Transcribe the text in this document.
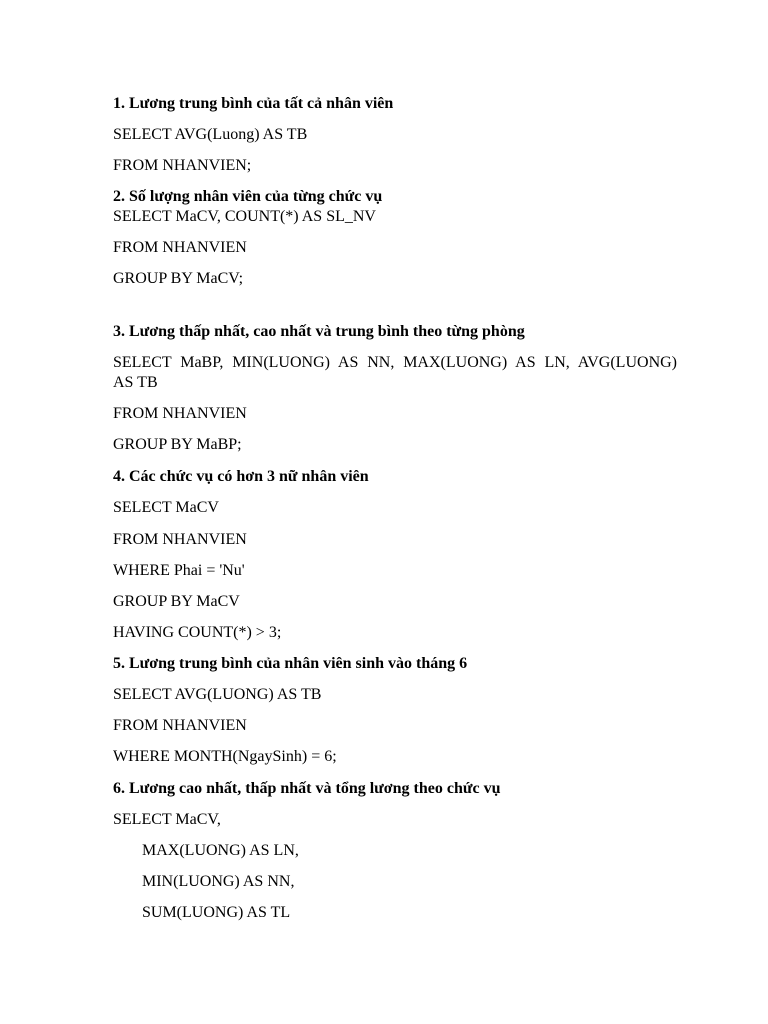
1. Lương trung bình của tất cả nhân viên
SELECT AVG(Luong) AS TB
FROM NHANVIEN;
2. Số lượng nhân viên của từng chức vụ
SELECT MaCV, COUNT(*) AS SL_NV
FROM NHANVIEN
GROUP BY MaCV;
3. Lương thấp nhất, cao nhất và trung bình theo từng phòng
SELECT MaBP, MIN(LUONG) AS NN, MAX(LUONG) AS LN, AVG(LUONG)
AS TB
FROM NHANVIEN
GROUP BY MaBP;
4. Các chức vụ có hơn 3 nữ nhân viên
SELECT MaCV
FROM NHANVIEN
WHERE Phai = 'Nu'
GROUP BY MaCV
HAVING COUNT(*) > 3;
5. Lương trung bình của nhân viên sinh vào tháng 6
SELECT AVG(LUONG) AS TB
FROM NHANVIEN
WHERE MONTH(NgaySinh) = 6;
6. Lương cao nhất, thấp nhất và tổng lương theo chức vụ
SELECT MaCV,
MAX(LUONG) AS LN,
MIN(LUONG) AS NN,
SUM(LUONG) AS TL
